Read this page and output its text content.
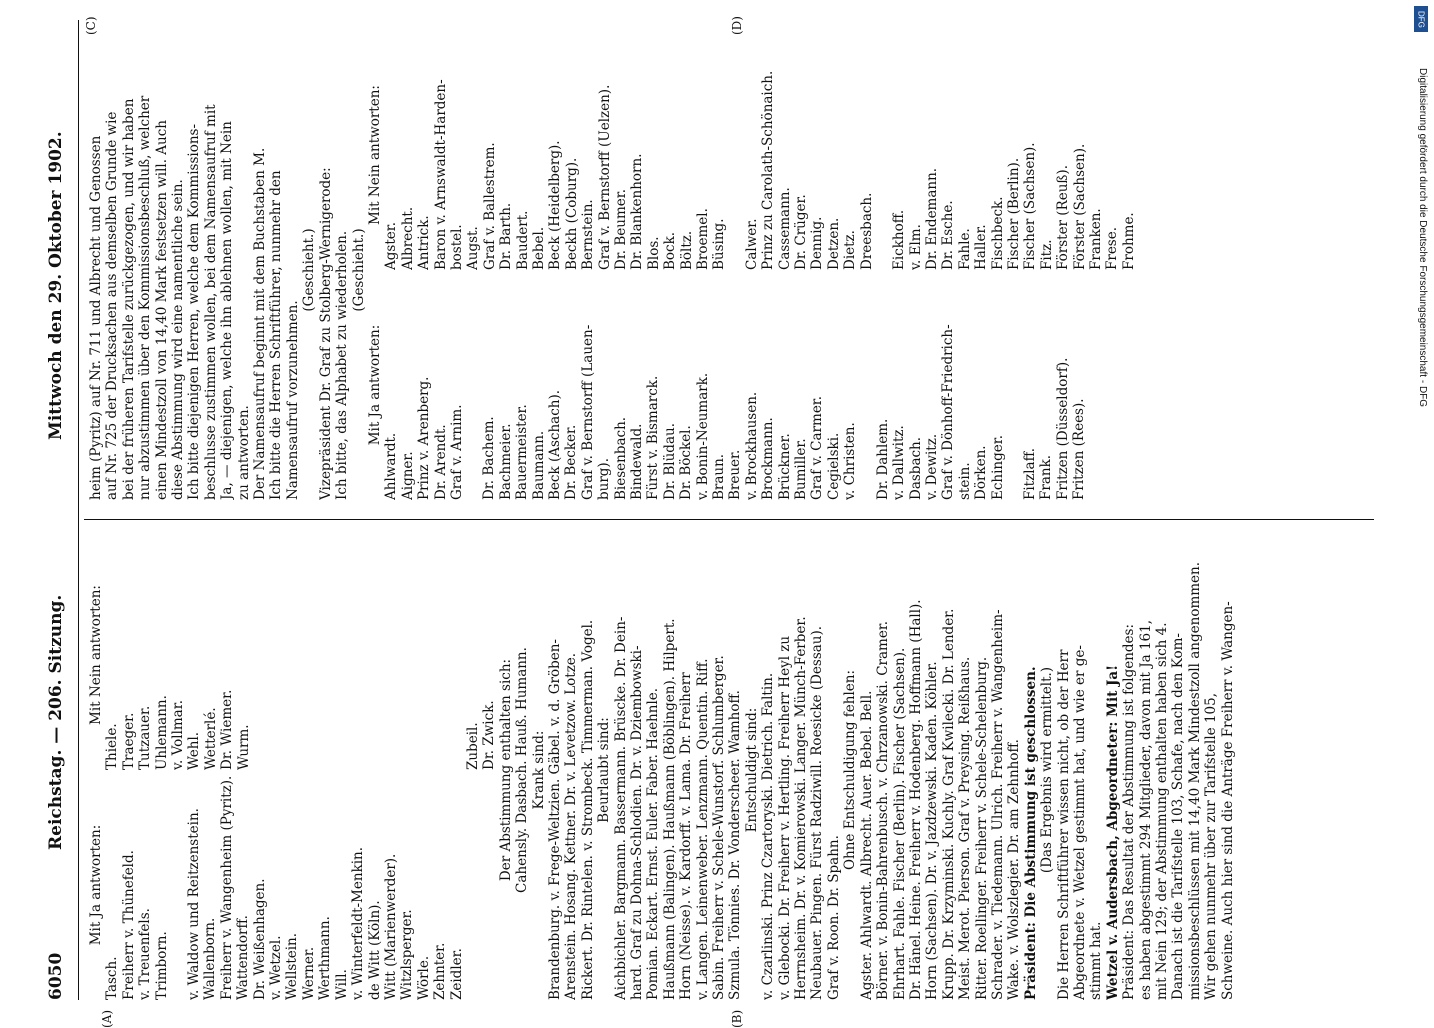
6050
Reichstag. — 206. Sitzung.
Mittwoch den 29. Oktober 1902.
(A)	(B)
(C)	(D)
Mit Ja antworten:
Mit Nein antworten:
Tasch. Freiherr v. Thünefeld. v. Treuenfels. Trimborn. v. Waldow und Reitzenstein. Wallenborn. Freiherr v. Wangenheim (Pyritz). Wattendorff. Dr. Weißenhagen. v. Wetzel. Wellstein. Werner. Werthmann. Will. v. Winterfeldt-Menkin. de Witt (Köln). Witt (Marienwerder). Witzlsperger. Wörle. Zehnter. Zeidler.
Thiele. Traeger. Tutzauer. Uhlemann. v. Vollmar. Wehl. Wetterlé. Dr. Wiemer. Wurm.	Zubeil. Dr. Zwick. Der Abstimmung enthalten sich: Cahensly. Dasbach. Hauß. Humann. Krank sind: Brandenburg. v. Frege-Weltzien. Gäbel. v. d. Gröben- Arenstein. Hosang. Kettner. Dr. v. Levetzow. Lotze. Rickert. Dr. Rintelen. v. Strombeck. Timmerman. Vogel. Beurlaubt sind: Aichbichler. Bargmann. Bassermann. Brüscke. Dr. Dein- hard. Graf zu Dohna-Schlodien. Dr. v. Dziembowski- Pomian. Eckart. Ernst. Euler. Faber. Haehnle. Haußmann (Balingen). Haußmann (Böblingen). Hilpert. Horn (Neisse). v. Kardorff. v. Lama. Dr. Freiherr v. Langen. Leinenweber. Lenzmann. Quentin. Riff. Sabin. Freiherr v. Schele-Wunstorf. Schlumberger. Szmula. Tönnies. Dr. Vonderscheer. Wamhoff. Entschuldigt sind: v. Czarlinski. Prinz Czartoryski. Dietrich. Faltin. v. Glebocki. Dr. Freiherr v. Hertling. Freiherr Heyl zu Herrnsheim. Dr. v. Komierowski. Langer. Münch-Ferber. Neubauer. Pingen. Fürst Radziwill. Roesicke (Dessau). Graf v. Roon. Dr. Spahn.
Ohne Entschuldigung fehlen: Agster. Ahlwardt. Albrecht. Auer. Bebel. Bell. Börner. v. Bonin-Bahrenbusch. v. Chrzanowski. Cramer. Ehrhart. Fahle. Fischer (Berlin). Fischer (Sachsen). Dr. Hänel. Heine. Freiherr v. Hodenberg. Hoffmann (Hall). Horn (Sachsen). Dr. v. Jazdzewski. Kaden. Köhler. Krupp. Dr. Krzyminski. Kuchly. Graf Kwilecki. Dr. Lender. Meist. Merot. Pierson. Graf v. Preysing. Reißhaus. Ritter. Roellinger. Freiherr v. Schele-Schelenburg. Schrader. v. Tiedemann. Ulrich. Freiherr v. Wangenheim- Wake. v. Wolszlegier. Dr. am Zehnhoff. Präsident: Die Abstimmung ist geschlossen. (Das Ergebnis wird ermittelt.) Die Herren Schriftführer wissen nicht, ob der Herr Abgeordnete v. Wetzel gestimmt hat, und wie er ge- stimmt hat. Wetzel v. Audersbach, Abgeordneter: Mit Ja! Präsident: Das Resultat der Abstimmung ist folgendes: es haben abgestimmt 294 Mitglieder, davon mit Ja 161, mit Nein 129; der Abstimmung enthalten haben sich 4. Danach ist die Tarifstelle 103, Schafe, nach den Kom- missionsbeschlüssen mit 14,40 Mark Mindestzoll angenommen. Wir gehen nunmehr über zur Tarifstelle 105, Schweine. Auch hier sind die Anträge Freiherr v. Wangen-
heim (Pyritz) auf Nr. 711 und Albrecht und Genossen auf Nr. 725 der Drucksachen aus demselben Grunde wie bei der früheren Tarifstelle zurückgezogen, und wir haben nur abzustimmen über den Kommissionsbeschluß, welcher einen Mindestzoll von 14,40 Mark festsetzen will. Auch diese Abstimmung wird eine namentliche sein. Ich bitte diejenigen Herren, welche dem Kommissions- beschlusse zustimmen wollen, bei dem Namensaufruf mit Ja, — diejenigen, welche ihn ablehnen wollen, mit Nein zu antworten. Der Namensaufruf beginnt mit dem Buchstaben M. Ich bitte die Herren Schriftführer, nunmehr den Namensaufruf vorzunehmen.
(Geschieht.) Vizepräsident Dr. Graf zu Stolberg-Wernigerode: Ich bitte, das Alphabet zu wiederholen. (Geschieht.)
Mit Ja antworten:
Mit Nein antworten:
Ahlwardt. Aigner. Prinz v. Arenberg. Dr. Arendt. Graf v. Arnim. Dr. Bachem. Bachmeier. Bauermeister. Baumann. Beck (Aschach). Dr. Becker. Graf v. Bernstorff (Lauen- burg). Biesenbach. Bindewald. Fürst v. Bismarck. Dr. Blüdau. Dr. Böckel. v. Bonin-Neumark. Braun. Breuer. v. Brockhausen. Brockmann. Brückner. Bumiller. Graf v. Carmer. Cegielski. v. Christen. Dr. Dahlem. v. Dallwitz. Dasbach. v. Dewitz. Graf v. Dönhoff-Friedrich- stein. Dörken. Echinger. Fitzlaff. Frank. Fritzen (Düsseldorf). Fritzen (Rees).
Agster. Albrecht. Antrick. Baron v. Arnswaldt-Harden- bostel. Augst. Graf v. Ballestrem. Dr. Barth. Baudert. Bebel. Beck (Heidelberg). Beckh (Coburg). Bernstein. Graf v. Bernstorff (Uelzen). Dr. Beumer. Dr. Blankenhorn. Blos. Bock. Böltz. Broemel. Büsing. Calwer. Prinz zu Carolath-Schönaich. Cassemann. Dr. Crüger. Dennig. Detzen. Dietz. Dreesbach. Eickhoff. v. Elm. Dr. Endemann. Dr. Esche. Fahle. Haller. Fischbeck. Fischer (Berlin). Fischer (Sachsen). Fitz. Förster (Reuß). Förster (Sachsen). Franken. Frese. Frohme.
DFG
Digitalisierung gefördert durch die Deutsche Forschungsgemeinschaft - DFG
